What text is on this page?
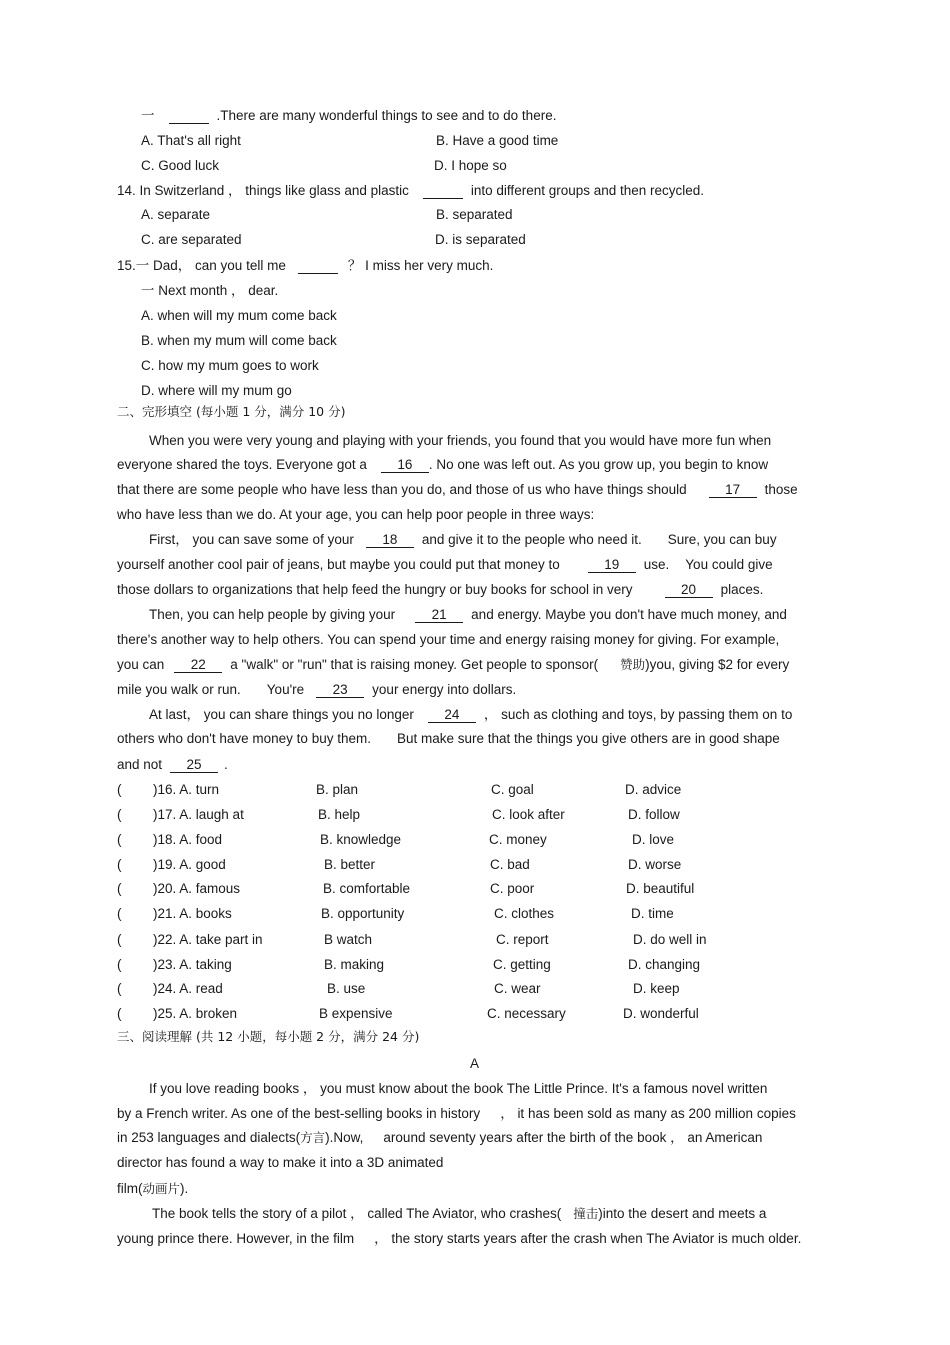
一	.There are many wonderful things to see and to do there.
A. That's all right	B. Have a good time
C. Good luck	D. I hope so
14. In Switzerland ， things like glass and plastic	into different groups and then recycled.
A. separate	B. separated
C. are separated	D. is separated
15.一 Dad， can you tell me	？ I miss her very much.
一 Next month ， dear.
A. when will my mum come back
B. when my mum will come back
C. how my mum goes to work
D. where will my mum go
二、完形填空 (每小题 1 分，满分 10 分)
When you were very young and playing with your friends, you found that you would have more fun when
everyone shared the toys. Everyone got a 16 . No one was left out. As you grow up, you begin to know
that there are some people who have less than you do, and those of us who have things should	17 those
who have less than we do. At your age, you can help poor people in three ways:
First， you can save some of your 18 and give it to the people who need it. Sure, you can buy
yourself another cool pair of jeans, but maybe you could put that money to	19 use. You could give
those dollars to organizations that help feed the hungry or buy books for school in very	20 places.
Then, you can help people by giving your	21 and energy. Maybe you don't have much money, and
there's another way to help others. You can spend your time and energy raising money for giving. For example,
you can 22 a "walk" or "run" that is raising money. Get people to sponsor( 赞助)you, giving $2 for every
mile you walk or run. You're 23 your energy into dollars.
At last， you can share things you no longer 24 ， such as clothing and toys, by passing them on to
others who don't have money to buy them. But make sure that the things you give others are in good shape
and not 25 .
( )16. A. turn	B. plan	C. goal	D. advice
( )17. A. laugh at	B. help	C. look after	D. follow
( )18. A. food	B. knowledge	C. money	D. love
( )19. A. good	B. better	C. bad	D. worse
( )20. A. famous	B. comfortable	C. poor	D. beautiful
( )21. A. books	B. opportunity	C. clothes	D. time
( )22. A. take part in	B watch	C. report	D. do well in
( )23. A. taking	B. making	C. getting	D. changing
( )24. A. read	B. use	C. wear	D. keep
( )25. A. broken	B expensive	C. necessary	D. wonderful
三、阅读理解 (共 12 小题，每小题 2 分，满分 24 分)
A
If you love reading books ， you must know about the book The Little Prince. It's a famous novel written
by a French writer. As one of the best-selling books in history ， it has been sold as many as 200 million copies
in 253 languages and dialects(方言).Now, around seventy years after the birth of the book ， an American
director has found a way to make it into a 3D animated
film(动画片).
The book tells the story of a pilot ， called The Aviator, who crashes( 撞击)into the desert and meets a
young prince there. However, in the film ， the story starts years after the crash when The Aviator is much older.
